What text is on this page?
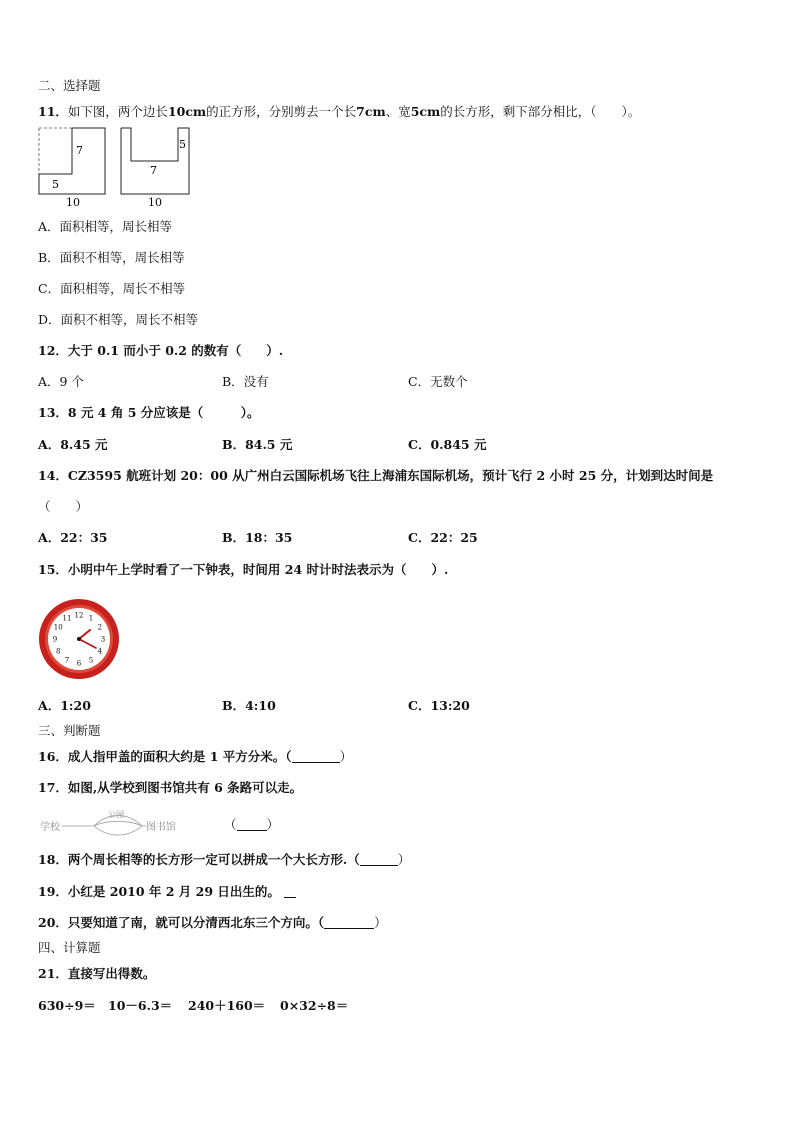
二、选择题
11．如下图，两个边长10cm的正方形，分别剪去一个长7cm、宽5cm的长方形，剩下部分相比，（　　）。
7
5
10
5
7
10
A．面积相等，周长相等
B．面积不相等，周长相等
C．面积相等，周长不相等
D．面积不相等，周长不相等
12．大于 0.1 而小于 0.2 的数有（　　）.
A．9 个	B．没有	C．无数个
13．8 元 4 角 5 分应该是（　　　）。
A．8.45 元	B．84.5 元	C．0.845 元
14．CZ3595 航班计划 20：00 从广州白云国际机场飞往上海浦东国际机场，预计飞行 2 小时 25 分，计划到达时间是
（　　）
A．22：35	B．18：35	C．22：25
15．小明中午上学时看了一下钟表，时间用 24 时计时法表示为（　　）.
12 1
2
3
4
5
6
7
8
9
10
11
A．1:20	B．4:10	C．13:20
三、判断题
16．成人指甲盖的面积大约是 1 平方分米。（	）
17．如图,从学校到图书馆共有 6 条路可以走。
学校
公园
图书馆	（ ）
18．两个周长相等的长方形一定可以拼成一个大长方形.（	）
19．小红是 2010 年 2 月 29 日出生的。
20．只要知道了南，就可以分清西北东三个方向。（	）
四、计算题
21．直接写出得数。
630÷9＝ 10－6.3＝ 240＋160＝ 0×32÷8＝
